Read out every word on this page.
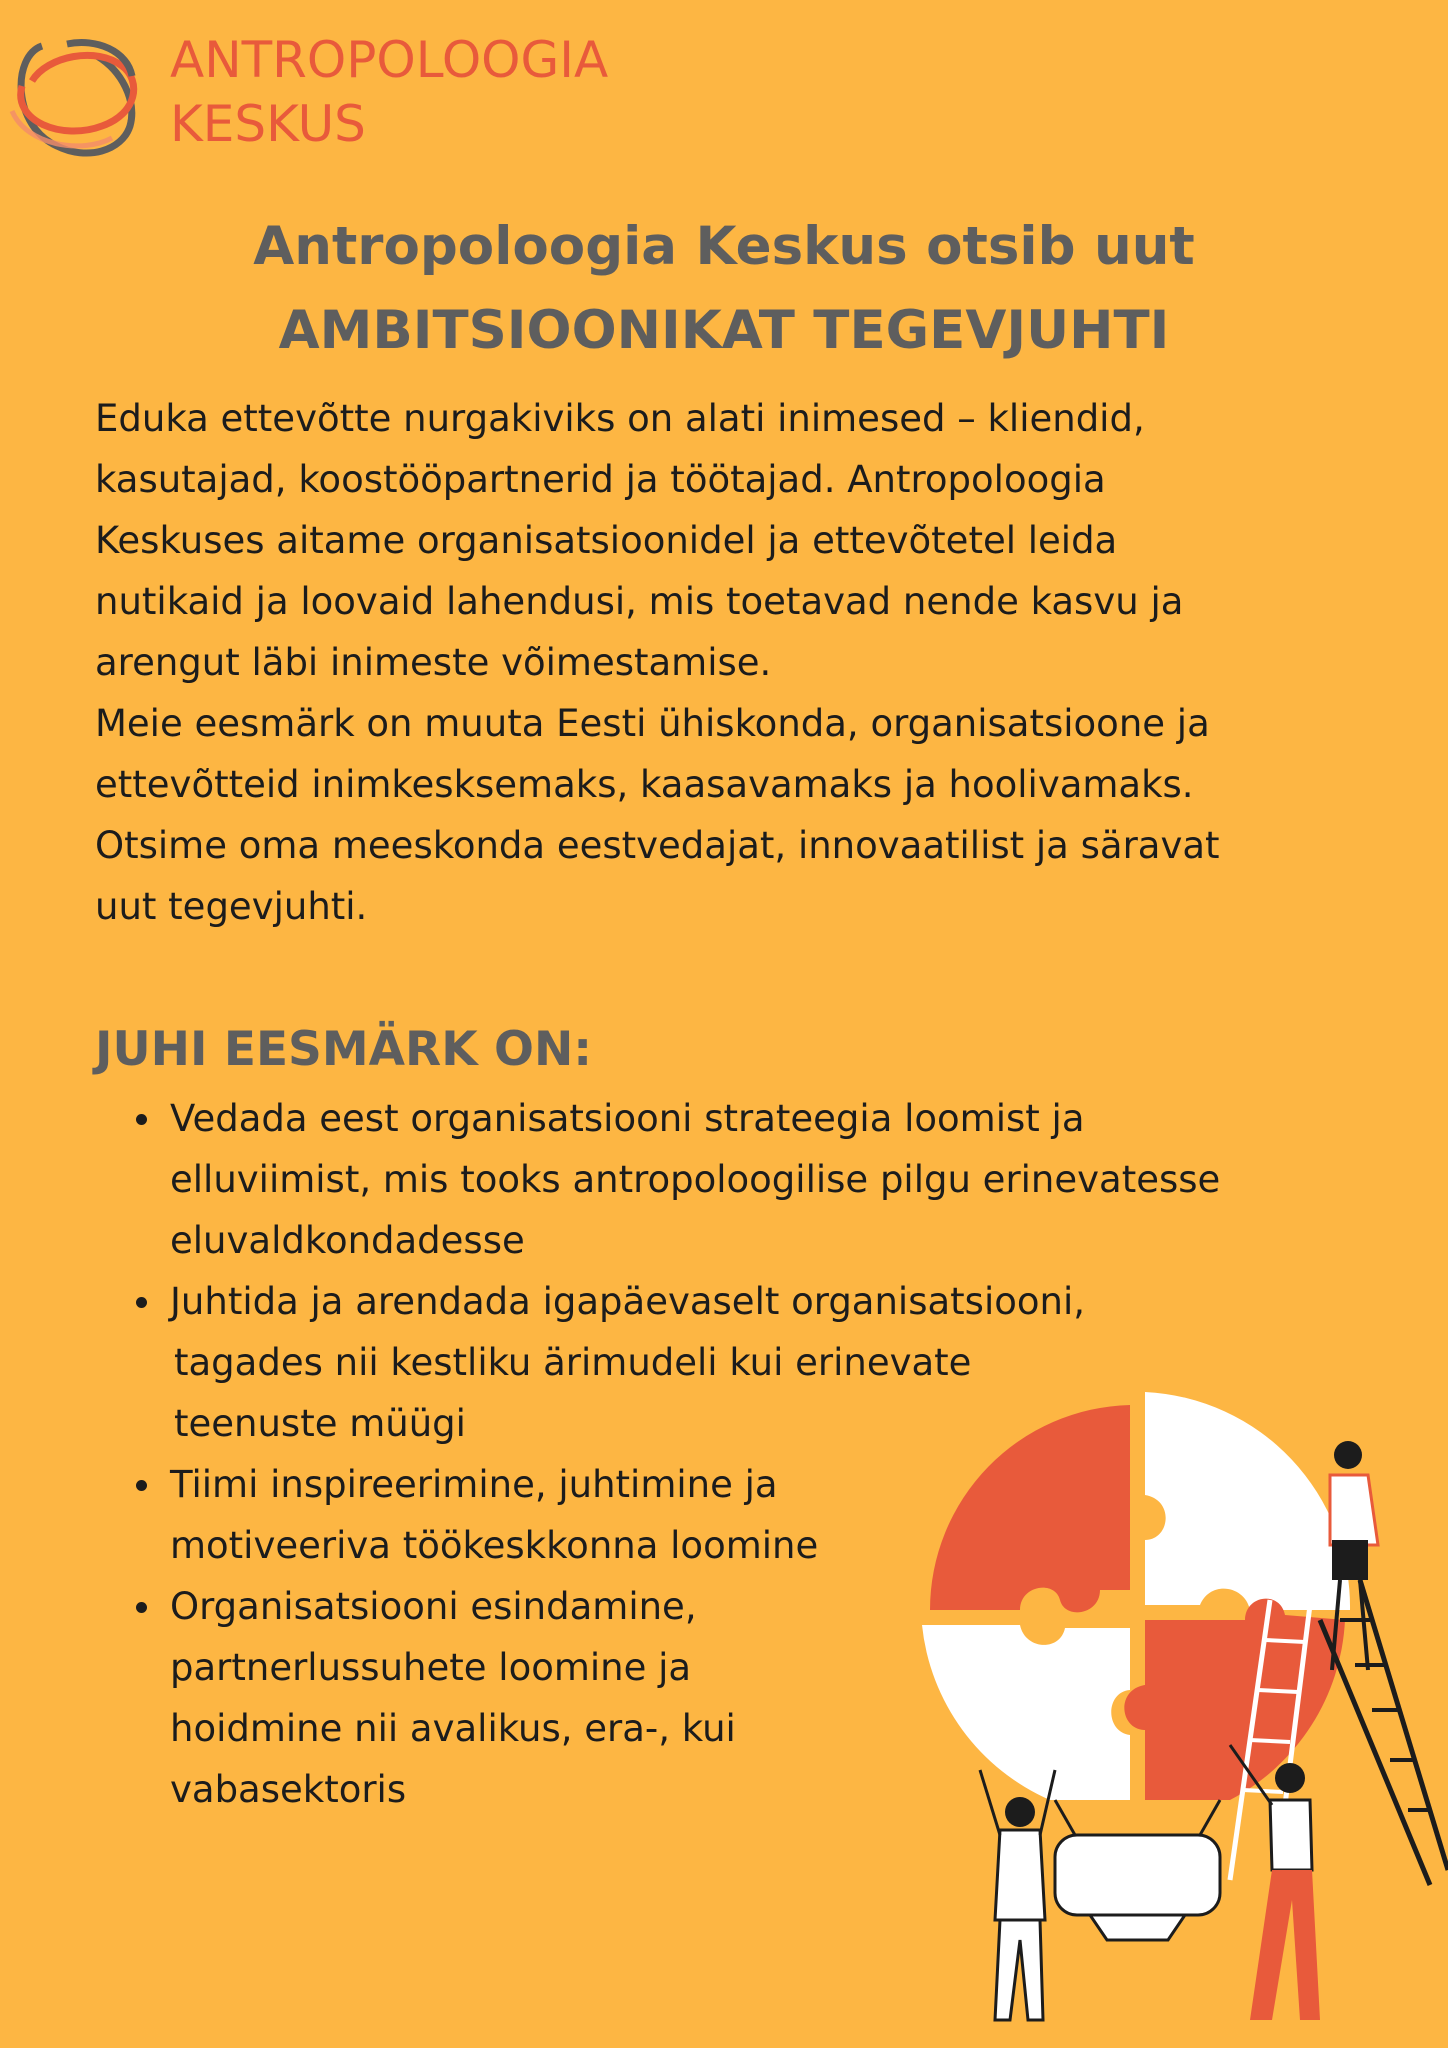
ANTROPOLOOGIA
KESKUS
Antropoloogia Keskus otsib uut
AMBITSIOONIKAT TEGEVJUHTI

Eduka ettevõtte nurgakiviks on alati inimesed – kliendid,

kasutajad, koostööpartnerid ja töötajad. Antropoloogia

Keskuses aitame organisatsioonidel ja ettevõtetel leida

nutikaid ja loovaid lahendusi, mis toetavad nende kasvu ja

arengut läbi inimeste võimestamise.

Meie eesmärk on muuta Eesti ühiskonda, organisatsioone ja

ettevõtteid inimkesksemaks, kaasavamaks ja hoolivamaks.

Otsime oma meeskonda eestvedajat, innovaatilist ja säravat

uut tegevjuhti.

JUHI EESMÄRK ON:
Vedada eest organisatsiooni strateegia loomist ja
elluviimist, mis tooks antropoloogilise pilgu erinevatesse
eluvaldkondadesse
Juhtida ja arendada igapäevaselt organisatsiooni,
tagades nii kestliku ärimudeli kui erinevate
teenuste müügi
Tiimi inspireerimine, juhtimine ja
motiveeriva töökeskkonna loomine
Organisatsiooni esindamine,
partnerlussuhete loomine ja
hoidmine nii avalikus, era-, kui
vabasektoris
